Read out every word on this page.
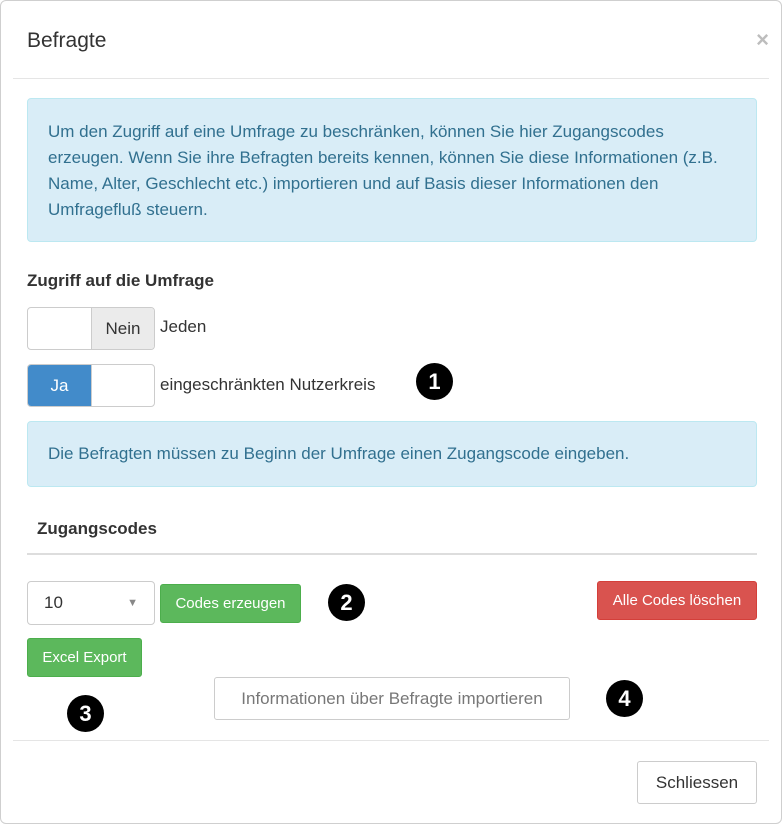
Befragte	×
Um den Zugriff auf eine Umfrage zu beschränken, können Sie hier Zugangscodes erzeugen. Wenn Sie ihre Befragten bereits kennen, können Sie diese Informationen (z.B. Name, Alter, Geschlecht etc.) importieren und auf Basis dieser Informationen den Umfragefluß steuern.
Zugriff auf die Umfrage
Nein	Jeden
Ja	eingeschränkten Nutzerkreis	1
Die Befragten müssen zu Beginn der Umfrage einen Zugangscode eingeben.
Zugangscodes
10	▼	Codes erzeugen	2	Alle Codes löschen
Excel Export
3
Informationen über Befragte importieren	4
Schliessen
